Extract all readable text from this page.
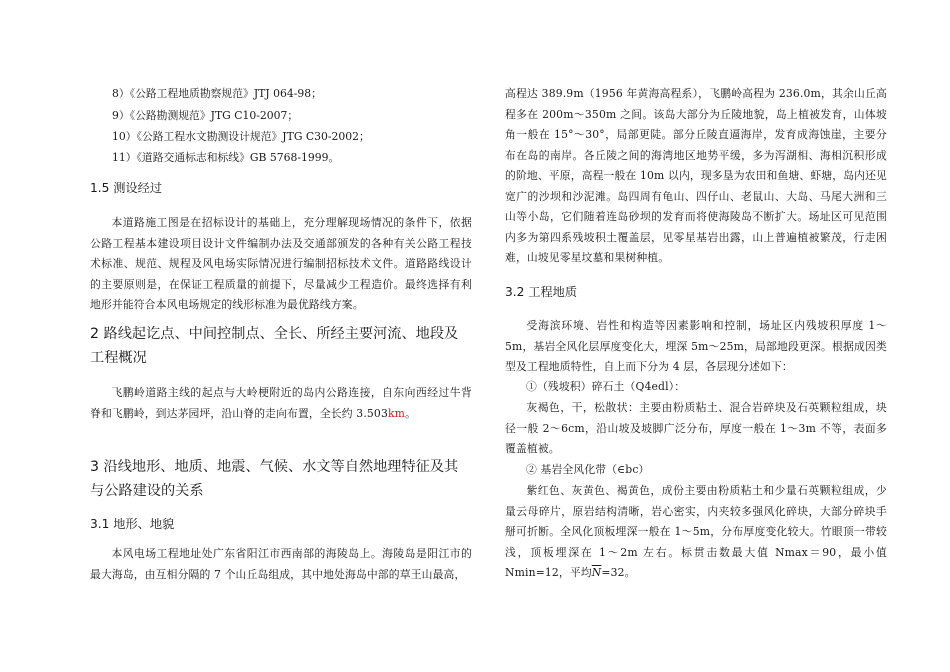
8）《公路工程地质勘察规范》JTJ 064-98；

9）《公路勘测规范》JTG C10-2007；

10）《公路工程水文勘测设计规范》JTG C30-2002；

11）《道路交通标志和标线》GB 5768-1999。

1.5 测设经过

本道路施工图是在招标设计的基础上，充分理解现场情况的条件下，依据公路工程基本建设项目设计文件编制办法及交通部颁发的各种有关公路工程技术标准、规范、规程及风电场实际情况进行编制招标技术文件。道路路线设计的主要原则是，在保证工程质量的前提下，尽量减少工程造价。最终选择有利地形并能符合本风电场规定的线形标准为最优路线方案。

2 路线起讫点、中间控制点、全长、所经主要河流、地段及工程概况

飞鹏岭道路主线的起点与大岭梗附近的岛内公路连接，自东向西经过牛背脊和飞鹏岭，到达茅园坪，沿山脊的走向布置，全长约 3.503km。

3 沿线地形、地质、地震、气候、水文等自然地理特征及其与公路建设的关系
3.1 地形、地貌

本风电场工程地址处广东省阳江市西南部的海陵岛上。海陵岛是阳江市的最大海岛，由互相分隔的 7 个山丘岛组成，其中地处海岛中部的草王山最高，

高程达 389.9m（1956 年黄海高程系），飞鹏岭高程为 236.0m，其余山丘高程多在 200m～350m 之间。该岛大部分为丘陵地貌，岛上植被发育，山体坡角一般在 15°～30°，局部更陡。部分丘陵直逼海岸，发育成海蚀崖，主要分布在岛的南岸。各丘陵之间的海湾地区地势平缓，多为泻湖相、海相沉积形成的阶地、平原，高程一般在 10m 以内，现多垦为农田和鱼塘、虾塘，岛内还见宽广的沙坝和沙泥滩。岛四周有龟山、四仔山、老鼠山、大岛、马尾大洲和三山等小岛，它们随着连岛砂坝的发育而将使海陵岛不断扩大。场址区可见范围内多为第四系残坡积土覆盖层，见零星基岩出露，山上普遍植被繁茂，行走困难，山坡见零星坟墓和果树种植。

3.2 工程地质

受海滨环境、岩性和构造等因素影响和控制，场址区内残坡积厚度 1～5m，基岩全风化层厚度变化大，埋深 5m～25m，局部地段更深。根据成因类型及工程地质特性，自上而下分为 4 层，各层现分述如下：

①（残坡积）碎石土（Q4edl）：

灰褐色，干，松散状：主要由粉质粘土、混合岩碎块及石英颗粒组成，块径一般 2～6cm，沿山坡及坡脚广泛分布，厚度一般在 1～3m 不等，表面多覆盖植被。

② 基岩全风化带（∈bc）

紫红色、灰黄色、褐黄色，成份主要由粉质粘土和少量石英颗粒组成，少量云母碎片，原岩结构清晰，岩心密实，内夹较多强风化碎块，大部分碎块手掰可折断。全风化顶板埋深一般在 1～5m，分布厚度变化较大。竹眼顶一带较浅，顶板埋深在 1～2m 左右。标贯击数最大值 Nmax＝90，最小值 Nmin=12，平均$\overline{N}=32$。
